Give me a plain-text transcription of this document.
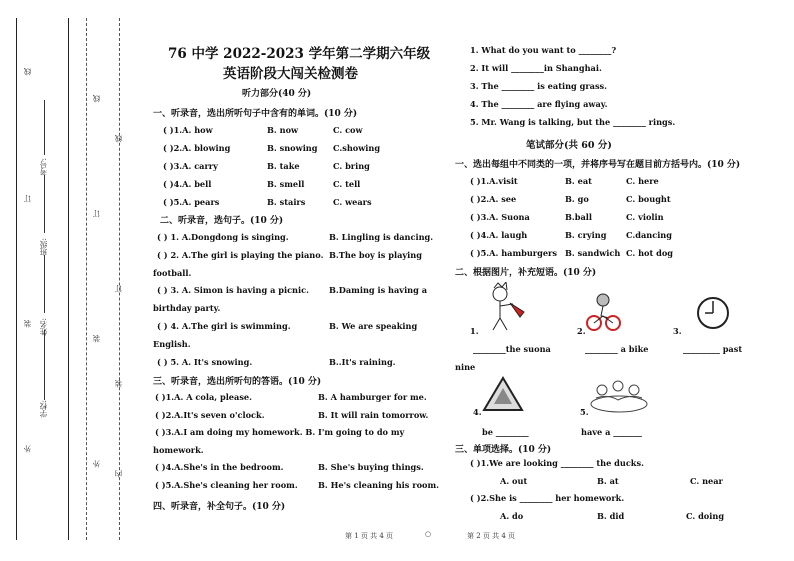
外
装
订
线
学校:
姓名:
班级:
考号:
外
装
订
线
内
装
订
线
76 中学 2022-2023 学年第二学期六年级
英语阶段大闯关检测卷
听力部分(40 分)
一、听录音，选出所听句子中含有的单词。(10 分)
( )1.A. how	B. now	C. cow
( )2.A. blowing	B. snowing C.showing
( )3.A. carry	B. take	C. bring
( )4.A. bell	B. smell	C. tell
( )5.A. pears	B. stairs	C. wears
二、听录音，选句子。(10 分)
( ) 1. A.Dongdong is singing.	B. Lingling is dancing.
( ) 2. A.The girl is playing the piano. B.The boy is playing
football.
( ) 3. A. Simon is having a picnic. B.Daming is having a
birthday party.
( ) 4. A.The girl is swimming.	B. We are speaking
English.
( ) 5. A. It's snowing.	B..It's raining.
三、听录音，选出所听句的答语。(10 分)
( )1.A. A cola, please.	B. A hamburger for me.
( )2.A.It's seven o'clock.	B. It will rain tomorrow.
( )3.A.I am doing my homework. B. I'm going to do my
homework.
( )4.A.She's in the bedroom.	B. She's buying things.
( )5.A.She's cleaning her room. B. He's cleaning his room.
四、听录音，补全句子。(10 分)
1. What do you want to ________?
2. It will ________in Shanghai.
3. The ________ is eating grass.
4. The ________ are flying away.
5. Mr. Wang is talking, but the ________ rings.
笔试部分(共 60 分)
一、选出每组中不同类的一项，并将序号写在题目前方括号内。(10 分)
( )1.A.visit	B. eat	C. here
( )2.A. see	B. go	C. bought
( )3.A. Suona	B.ball	C. violin
( )4.A. laugh	B. crying C.dancing
( )5.A. hamburgers B. sandwich C. hot dog
二、根据图片，补充短语。(10 分)
1.	2.	3.
________the suona	________ a bike	_________ past
nine
4.	5.
be ________	have a _______
三、单项选择。(10 分)
( )1.We are looking ________ the ducks.
A. out	B. at	C. near
( )2.She is ________ her homework.
A. do	B. did	C. doing
第 1 页 共 4 页	○	第 2 页 共 4 页
